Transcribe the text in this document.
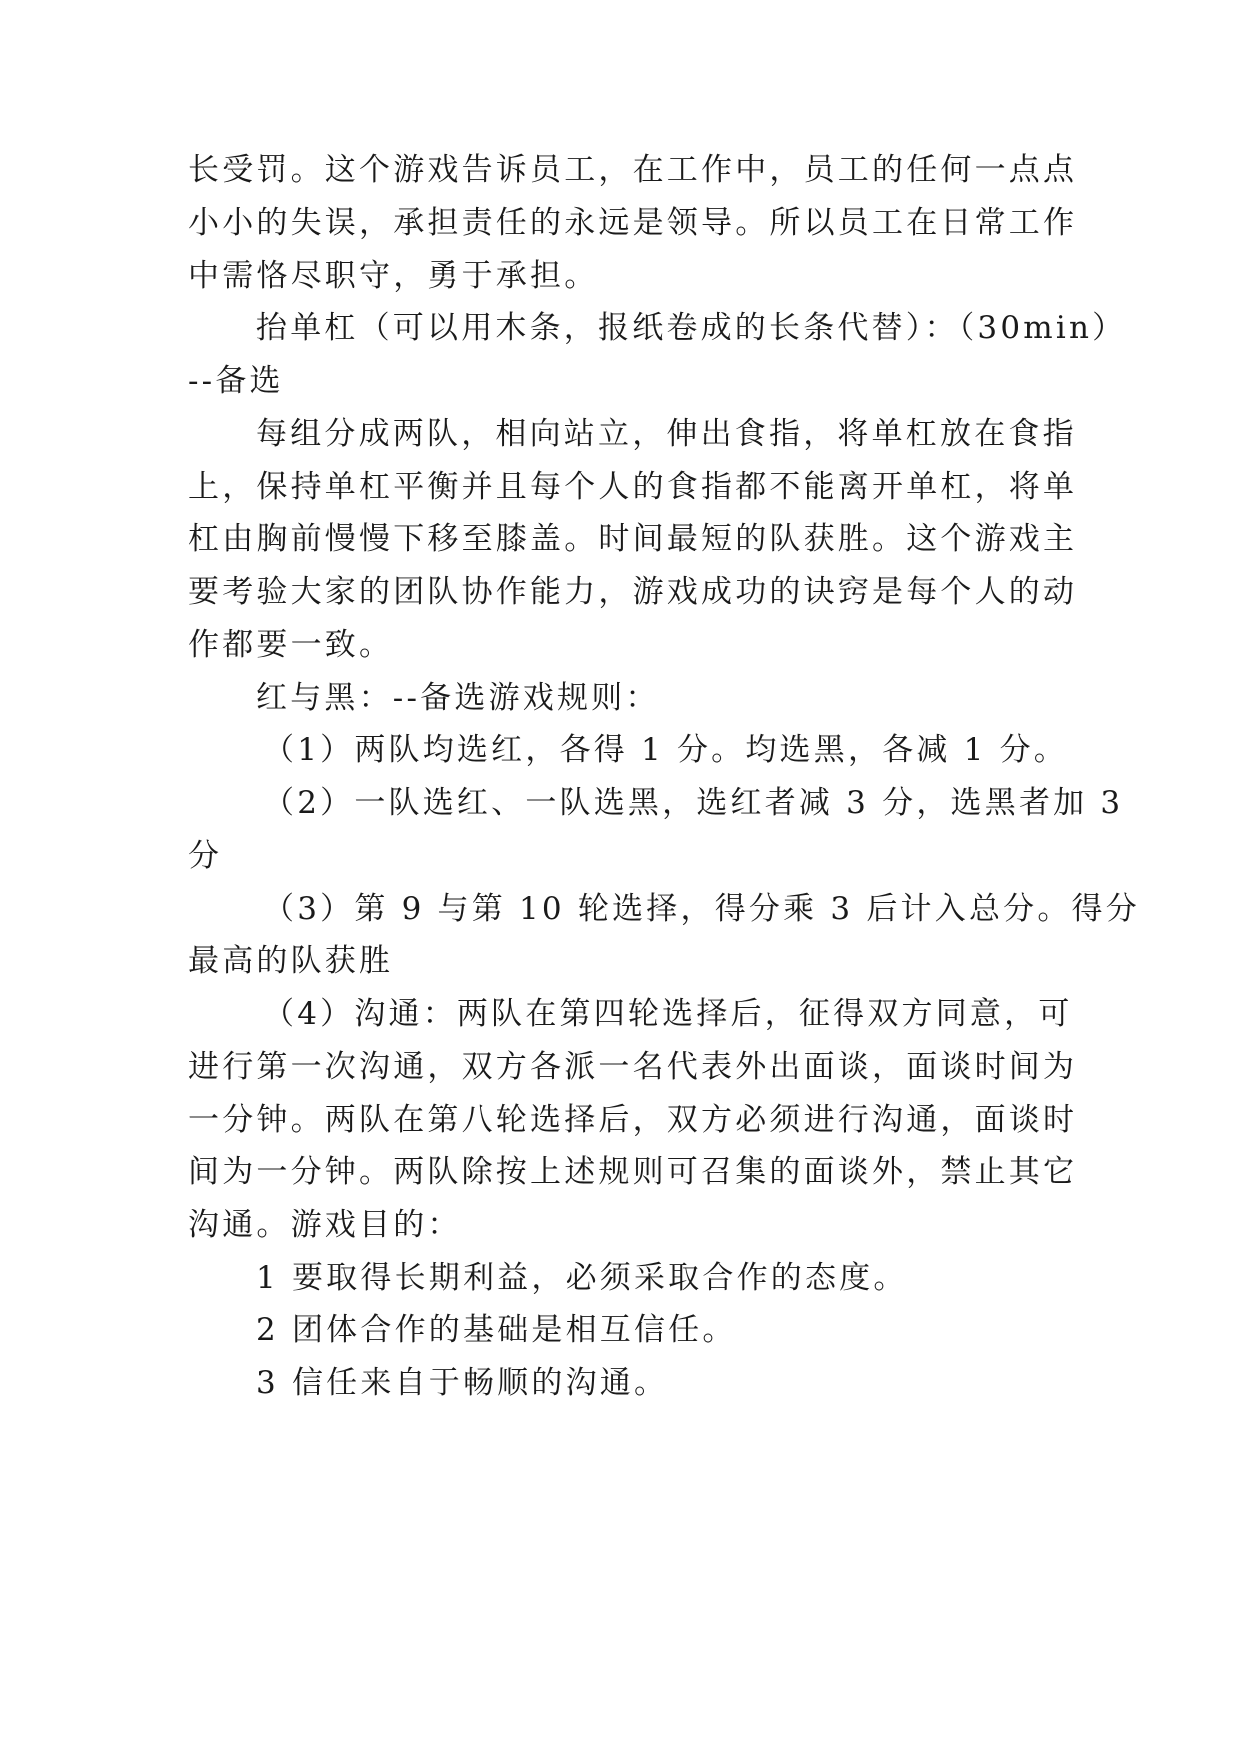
长受罚。这个游戏告诉员工，在工作中，员工的任何一点点
小小的失误，承担责任的永远是领导。所以员工在日常工作
中需恪尽职守，勇于承担。
抬单杠（可以用木条，报纸卷成的长条代替）：（30min）
--备选
每组分成两队，相向站立，伸出食指，将单杠放在食指
上，保持单杠平衡并且每个人的食指都不能离开单杠，将单
杠由胸前慢慢下移至膝盖。时间最短的队获胜。这个游戏主
要考验大家的团队协作能力，游戏成功的诀窍是每个人的动
作都要一致。
红与黑：--备选游戏规则：
（1）两队均选红，各得 1 分。均选黑，各减 1 分。
（2）一队选红、一队选黑，选红者减 3 分，选黑者加 3
分
（3）第 9 与第 10 轮选择，得分乘 3 后计入总分。得分
最高的队获胜
（4）沟通：两队在第四轮选择后，征得双方同意，可
进行第一次沟通，双方各派一名代表外出面谈，面谈时间为
一分钟。两队在第八轮选择后，双方必须进行沟通，面谈时
间为一分钟。两队除按上述规则可召集的面谈外，禁止其它
沟通。游戏目的：
1 要取得长期利益，必须采取合作的态度。
2 团体合作的基础是相互信任。
3 信任来自于畅顺的沟通。
